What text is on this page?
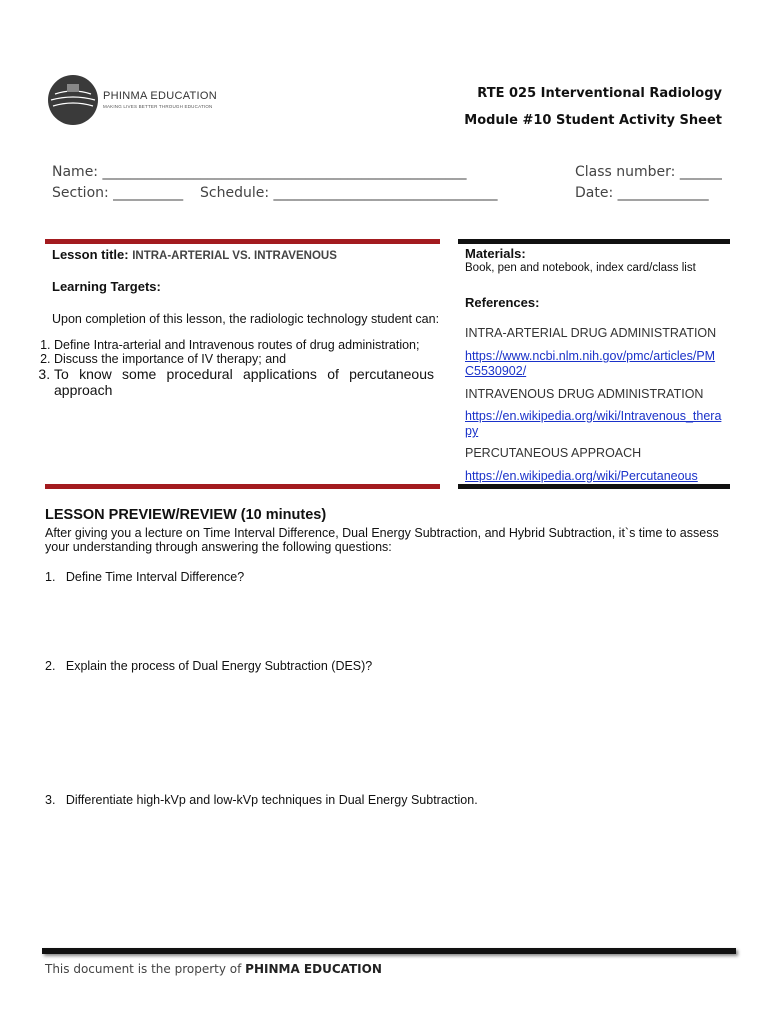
PHINMA EDUCATION
MAKING LIVES BETTER THROUGH EDUCATION
RTE 025 Interventional Radiology
Module #10 Student Activity Sheet
Name: ____________________________________________________	Class number: ______
Section: __________ Schedule: ________________________________	Date: _____________
Lesson title: INTRA-ARTERIAL VS. INTRAVENOUS
Learning Targets:
Upon completion of this lesson, the radiologic technology student can:
1. Define Intra-arterial and Intravenous routes of drug administration;
2. Discuss the importance of IV therapy; and
3. To know some procedural applications of percutaneous approach
Materials:
Book, pen and notebook, index card/class list
References:
INTRA-ARTERIAL DRUG ADMINISTRATION
https://www.ncbi.nlm.nih.gov/pmc/articles/PM
C5530902/
INTRAVENOUS DRUG ADMINISTRATION
https://en.wikipedia.org/wiki/Intravenous_thera
py
PERCUTANEOUS APPROACH
https://en.wikipedia.org/wiki/Percutaneous
LESSON PREVIEW/REVIEW (10 minutes)
After giving you a lecture on Time Interval Difference, Dual Energy Subtraction, and Hybrid Subtraction, it`s time to assess your understanding through answering the following questions:
1. Define Time Interval Difference?
2. Explain the process of Dual Energy Subtraction (DES)?
3. Differentiate high-kVp and low-kVp techniques in Dual Energy Subtraction.
This document is the property of PHINMA EDUCATION
